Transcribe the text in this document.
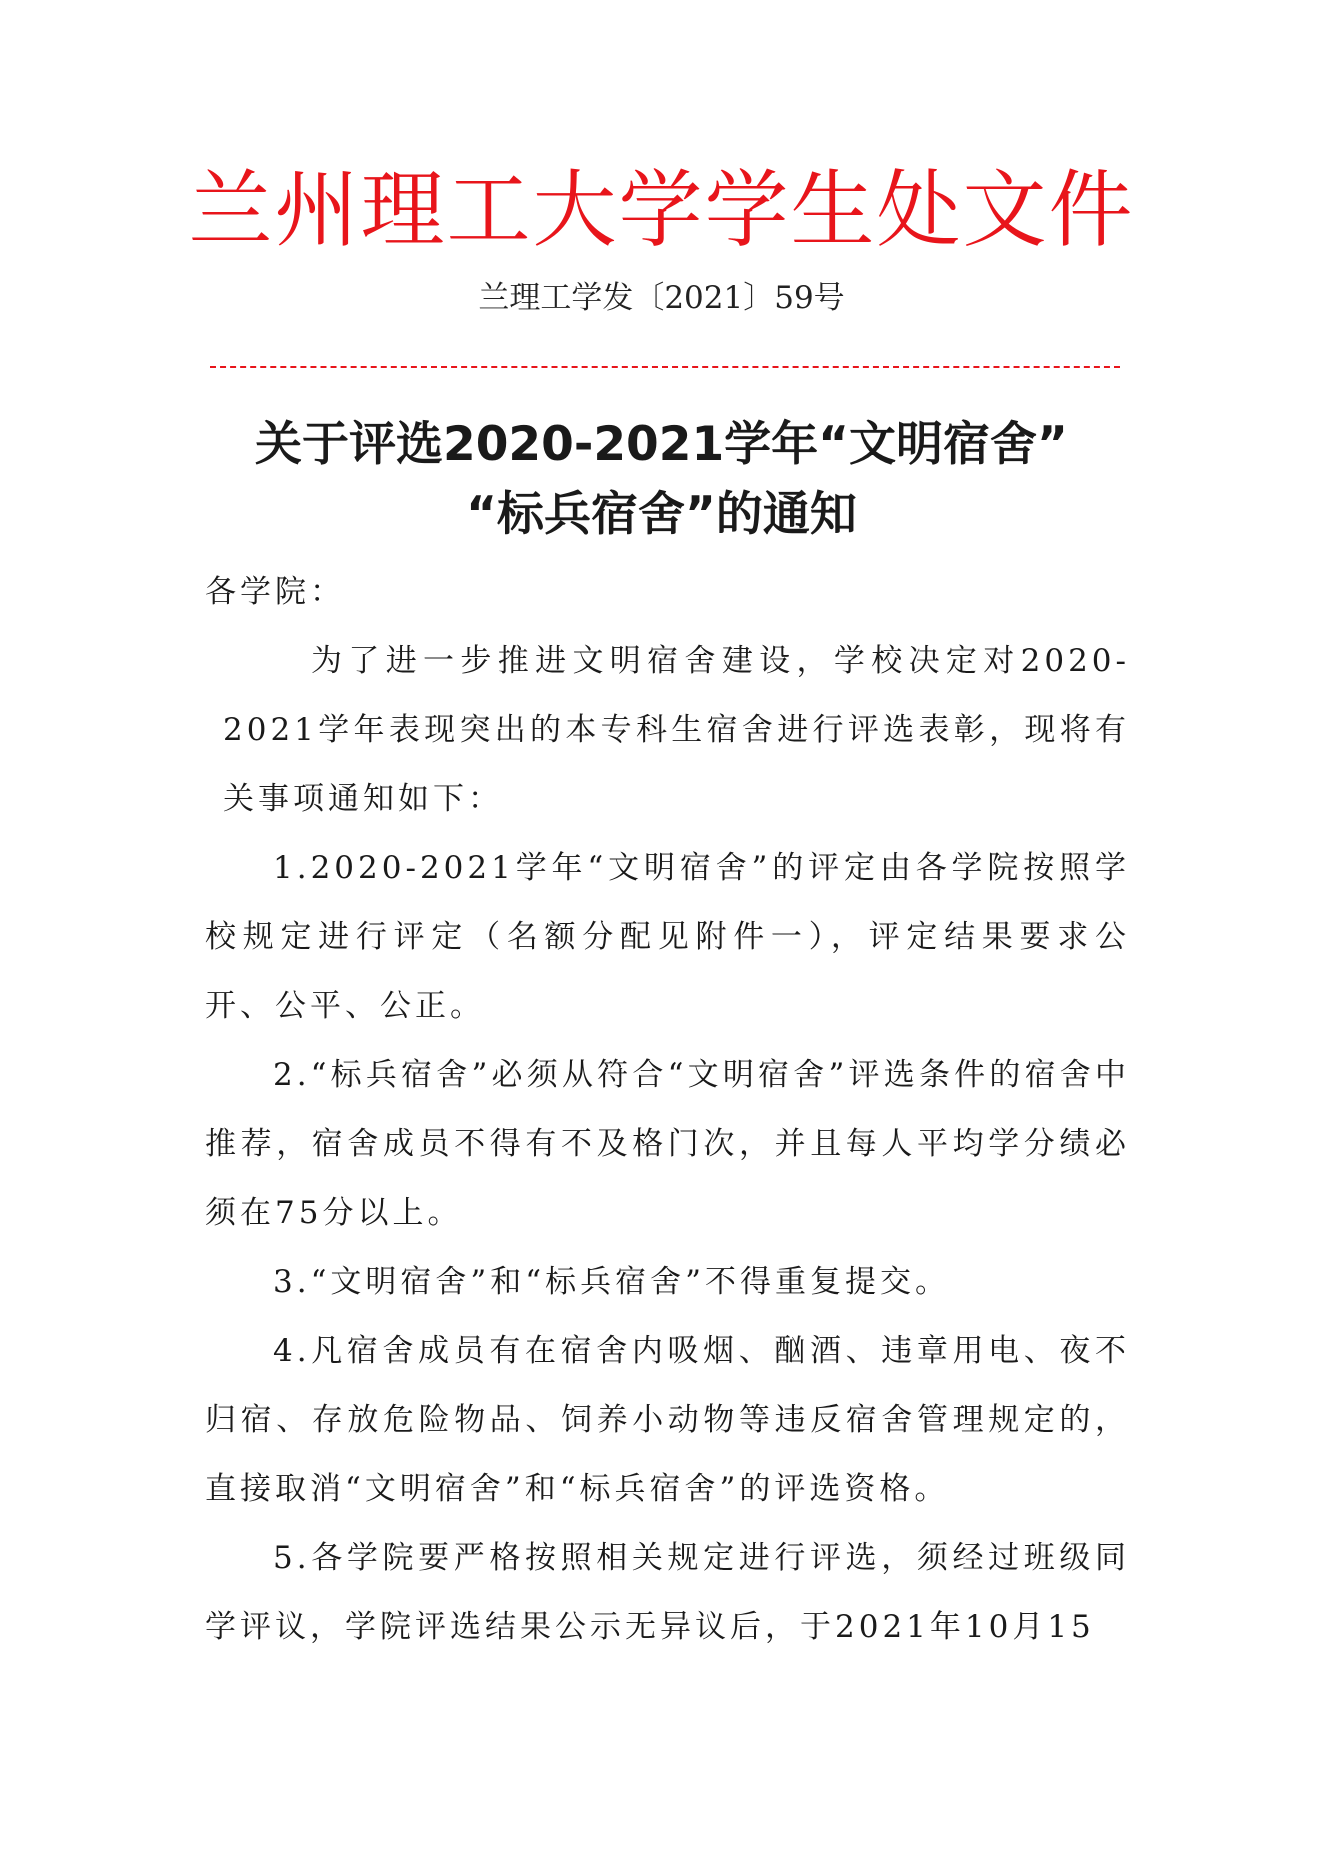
兰州理工大学学生处文件
兰理工学发〔2021〕59号
关于评选2020-2021学年“文明宿舍”
“标兵宿舍”的通知

各学院：

为了进一步推进文明宿舍建设，学校决定对2020-2021学年表现突出的本专科生宿舍进行评选表彰，现将有关事项通知如下：

1.2020-2021学年“文明宿舍”的评定由各学院按照学校规定进行评定（名额分配见附件一），评定结果要求公开、公平、公正。

2.“标兵宿舍”必须从符合“文明宿舍”评选条件的宿舍中推荐，宿舍成员不得有不及格门次，并且每人平均学分绩必须在75分以上。

3.“文明宿舍”和“标兵宿舍”不得重复提交。

4.凡宿舍成员有在宿舍内吸烟、酗酒、违章用电、夜不归宿、存放危险物品、饲养小动物等违反宿舍管理规定的，直接取消“文明宿舍”和“标兵宿舍”的评选资格。

5.各学院要严格按照相关规定进行评选，须经过班级同学评议，学院评选结果公示无异议后，于2021年10月15
